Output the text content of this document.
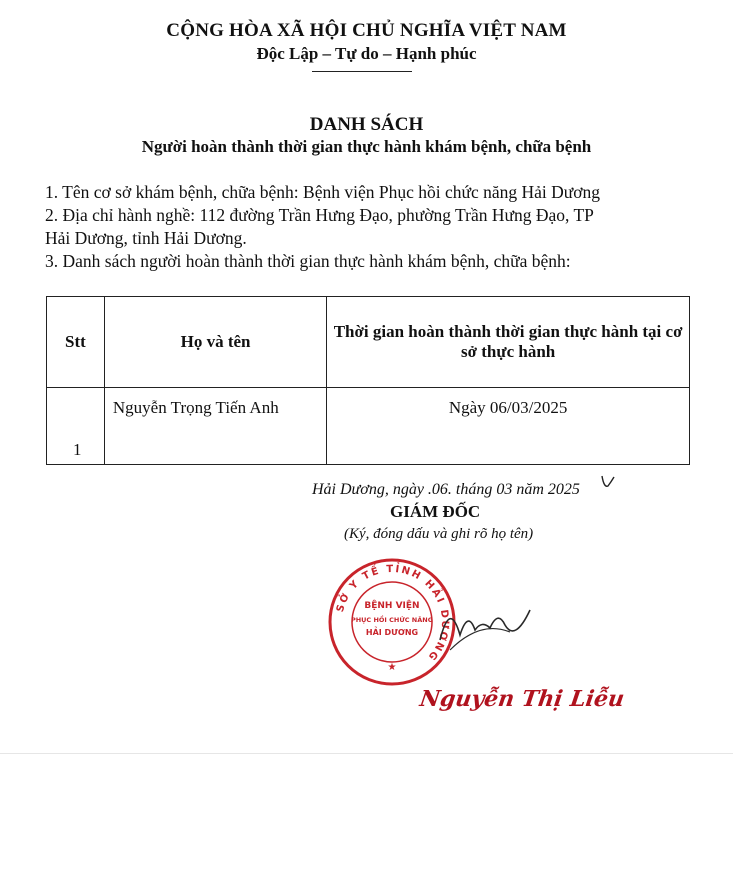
CỘNG HÒA XÃ HỘI CHỦ NGHĨA VIỆT NAM
Độc Lập – Tự do – Hạnh phúc
DANH SÁCH
Người hoàn thành thời gian thực hành khám bệnh, chữa bệnh
1. Tên cơ sở khám bệnh, chữa bệnh: Bệnh viện Phục hồi chức năng Hải Dương
2. Địa chỉ hành nghề: 112 đường Trần Hưng Đạo, phường Trần Hưng Đạo, TP
Hải Dương, tỉnh Hải Dương.
3. Danh sách người hoàn thành thời gian thực hành khám bệnh, chữa bệnh:
Stt	Họ và tên	Thời gian hoàn thành thời gian thực hành tại cơ sở thực hành
1	Nguyễn Trọng Tiến Anh	Ngày 06/03/2025
Hải Dương, ngày .06. tháng 03 năm 2025
GIÁM ĐỐC
(Ký, đóng dấu và ghi rõ họ tên)
SỞ Y TẾ TỈNH HẢI DƯƠNG
BỆNH VIỆN
PHỤC HỒI CHỨC NĂNG
HẢI DƯƠNG
★
Nguyễn Thị Liễu
